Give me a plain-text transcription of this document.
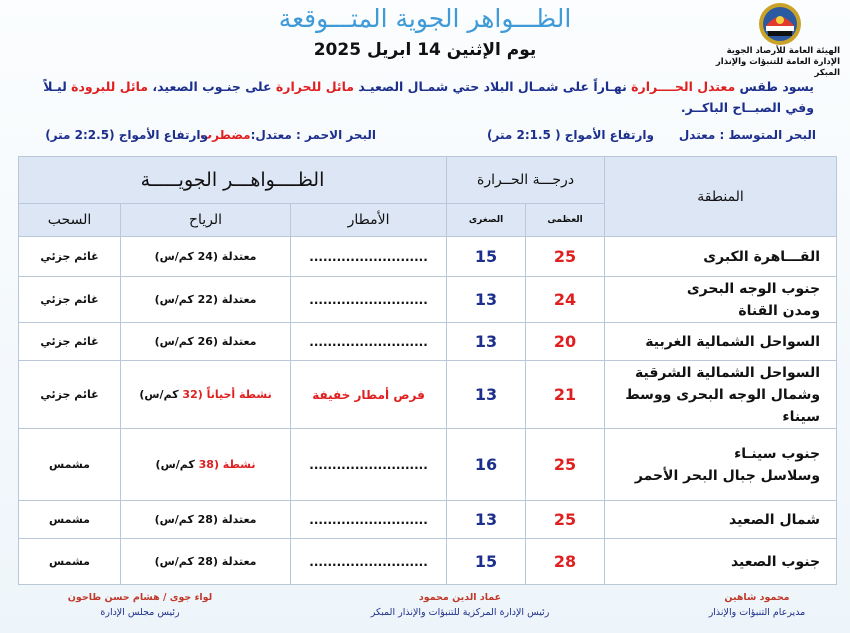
الظـــواهر الجوية المتـــوقعة
الهيئة العامة للأرصاد الجوية
الإدارة العامة للتنبؤات والإنذار المبكر
يوم الإثنين 14 ابريل 2025
يسود طقس معتدل الحــــرارة نهـاراً على شمـال البلاد حتي شمـال الصعيـد مائل للحرارة على جنـوب الصعيد، مائل للبرودة ليـلاً وفي الصبــاح الباكــر.
البحر المتوسط : معتدل
وارتفاع الأمواج ( 2:1.5 متر)
البحر الاحمر : معتدل:مضطرب
وارتفاع الأمواج (2:2.5 متر)
المنطقة	درجـــة الحــرارة		الظــــواهـــر الجويـــــة		
	العظمى	الصغرى	الأمطار	الرياح	السحب

القـــاهرة الكبرى	25	15	..........................	معتدلة (24 كم/س)	غائم جزئي

جنوب الوجه البحرى
ومدن القناة	24	13	..........................	معتدلة (22 كم/س)	غائم جزئي

السواحل الشمالية الغربية	20	13	..........................	معتدلة (26 كم/س)	غائم جزئي

السواحل الشمالية الشرقية
وشمال الوجه البحرى ووسط سيناء	21	13	فرص أمطار خفيفة	نشطة أحياناً (32 كم/س)	غائم جزئي

جنوب سينـاء
وسلاسل جبال البحر الأحمر	25	16	..........................	نشطة (38 كم/س)	مشمس

شمال الصعيد	25	13	..........................	معتدلة (28 كم/س)	مشمس

جنوب الصعيد	28	15	..........................	معتدلة (28 كم/س)	مشمس
محمود شاهين
مديرعام التنبؤات والإنذار
عماد الدين محمود
رئيس الإدارة المركزية للتنبؤات والإنذار المبكر
لواء جوى / هشام حسن طاحون
رئيس مجلس الإدارة
